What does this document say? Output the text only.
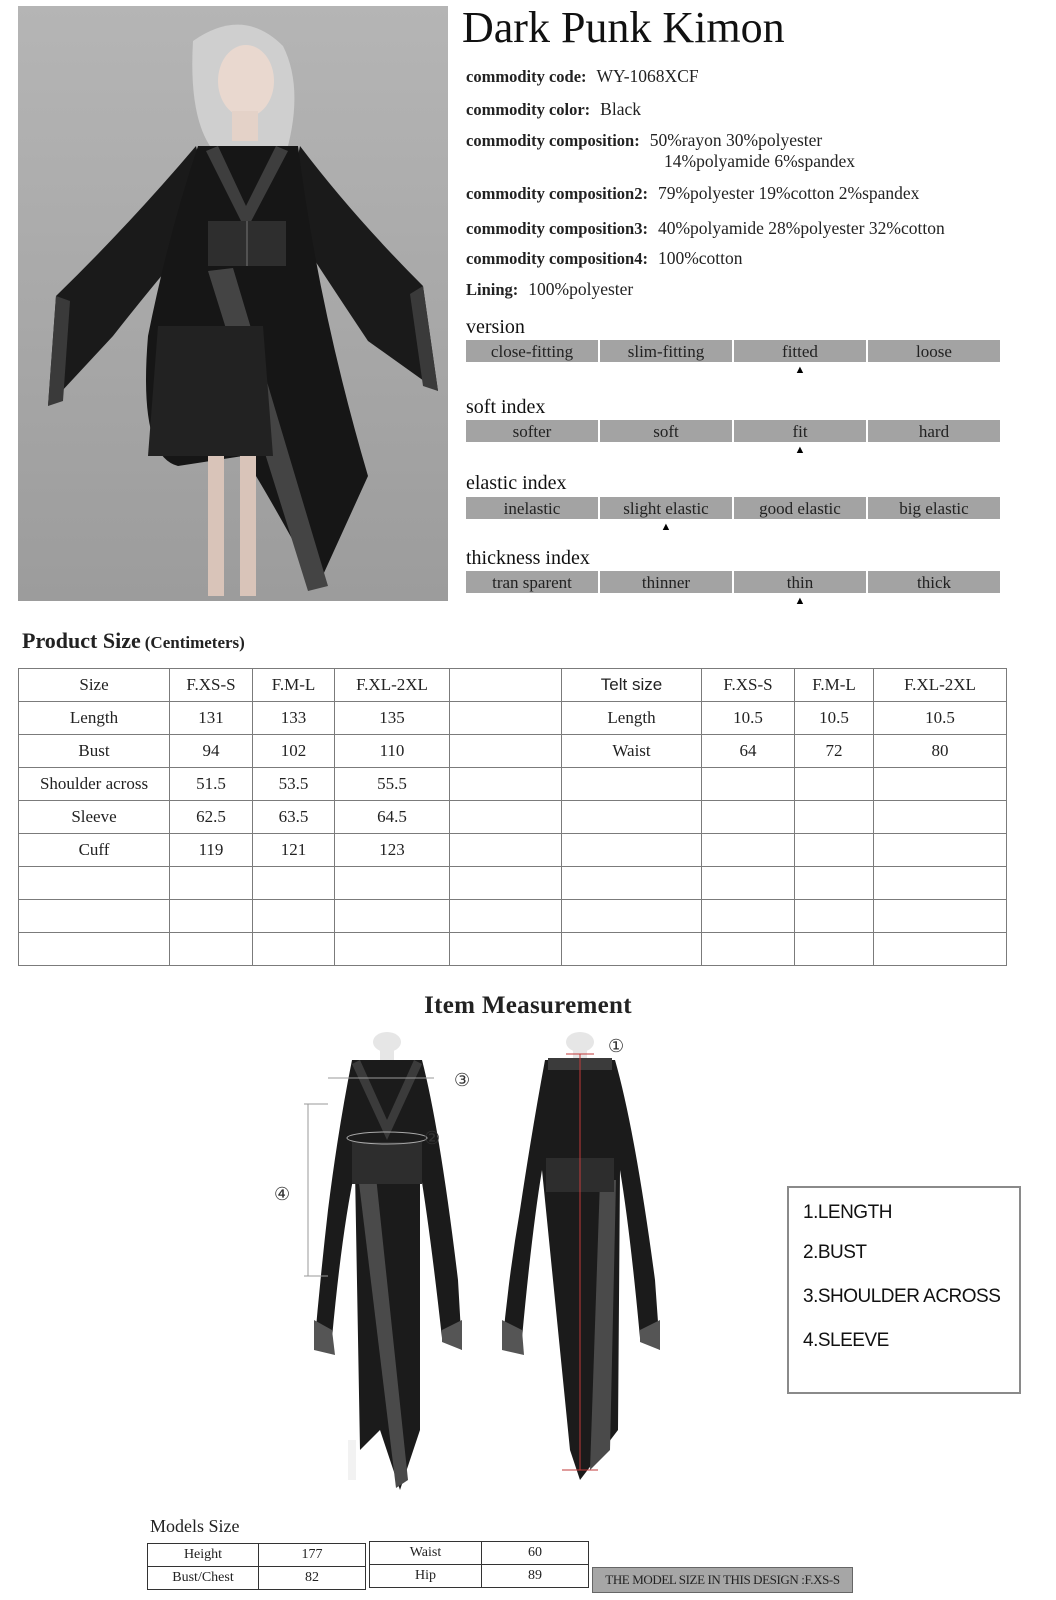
Dark Punk Kimon
commodity code: WY-1068XCF
commodity color: Black
commodity composition: 50%rayon 30%polyester
14%polyamide 6%spandex
commodity composition2: 79%polyester 19%cotton 2%spandex
commodity composition3: 40%polyamide 28%polyester 32%cotton
commodity composition4: 100%cotton
Lining: 100%polyester
version
close-fitting	slim-fitting	fitted
▲
loose
soft index
softer	soft	fit
▲
hard
elastic index
inelastic	slight elastic
▲
good elastic	big elastic
thickness index
tran sparent	thinner	thin
▲
thick
Product Size (Centimeters)
Size	F.XS-S	F.M-L	F.XL-2XL	
Length	131	133	135	
Bust	94	102	110	
Shoulder across	51.5	53.5	55.5	
Sleeve	62.5	63.5	64.5	
Cuff	119	121	123	

Telt size	F.XS-S	F.M-L	F.XL-2XL
Length	10.5	10.5	10.5
Waist	64	72	80

Item Measurement
③
②
④
①
1.LENGTH
2.BUST
3.SHOULDER ACROSS
4.SLEEVE
Models Size
Height	177
Bust/Chest	82
Waist	60
Hip	89	THE MODEL SIZE IN THIS DESIGN :F.XS-S
